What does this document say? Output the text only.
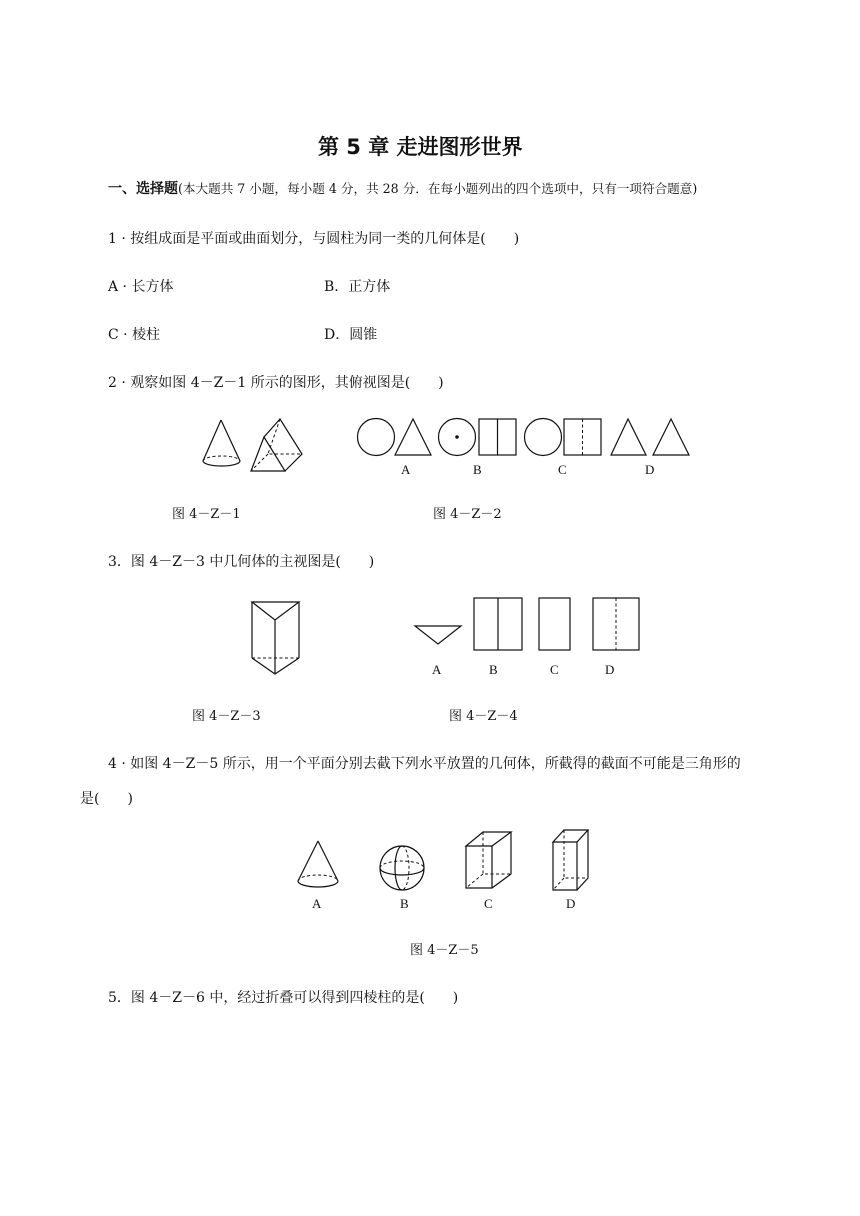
第 5 章 走进图形世界
一、选择题(本大题共 7 小题，每小题 4 分，共 28 分．在每小题列出的四个选项中，只有一项符合题意)
1 · 按组成面是平面或曲面划分，与圆柱为同一类的几何体是(　　)
A · 长方体	B．正方体
C · 棱柱	D．圆锥
2 · 观察如图 4－Z－1 所示的图形，其俯视图是(　　)
A	B	C	D
图 4－Z－1	图 4－Z－2
3．图 4－Z－3 中几何体的主视图是(　　)
A	B	C	D
图 4－Z－3	图 4－Z－4
4 · 如图 4－Z－5 所示，用一个平面分别去截下列水平放置的几何体，所截得的截面不可能是三角形的
是(　　)
A	B	C	D
图 4－Z－5
5．图 4－Z－6 中，经过折叠可以得到四棱柱的是(　　)
